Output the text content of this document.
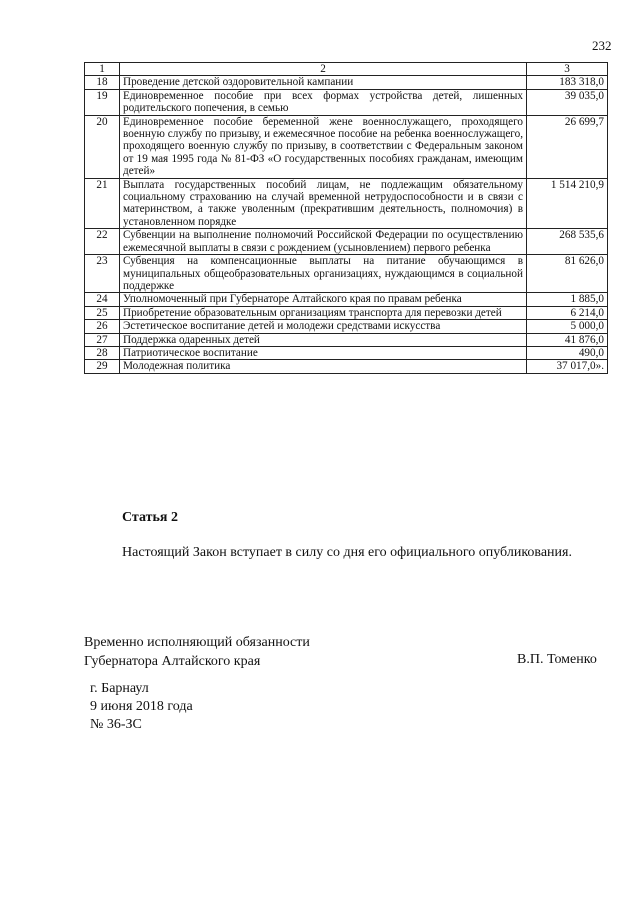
232
1	2	3
18	Проведение детской оздоровительной кампании	183 318,0
19	Единовременное пособие при всех формах устройства детей, лишенных родительского попечения, в семью	39 035,0
20	Единовременное пособие беременной жене военнослужащего, проходящего военную службу по призыву, и ежемесячное пособие на ребенка военнослужащего, проходящего военную службу по призыву, в соответствии с Федеральным законом от 19 мая 1995 года № 81-ФЗ «О государственных пособиях гражданам, имеющим детей»	26 699,7
21	Выплата государственных пособий лицам, не подлежащим обязательному социальному страхованию на случай временной нетрудоспособности и в связи с материнством, а также уволенным (прекратившим деятельность, полномочия) в установленном порядке	1 514 210,9
22	Субвенции на выполнение полномочий Российской Федерации по осуществлению ежемесячной выплаты в связи с рождением (усыновлением) первого ребенка	268 535,6
23	Субвенция на компенсационные выплаты на питание обучающимся в муниципальных общеобразовательных организациях, нуждающимся в социальной поддержке	81 626,0
24	Уполномоченный при Губернаторе Алтайского края по правам ребенка	1 885,0
25	Приобретение образовательным организациям транспорта для перевозки детей	6 214,0
26	Эстетическое воспитание детей и молодежи средствами искусства	5 000,0
27	Поддержка одаренных детей	41 876,0
28	Патриотическое воспитание	490,0
29	Молодежная политика	37 017,0».
Статья 2
Настоящий Закон вступает в силу со дня его официального опубликования.
Временно исполняющий обязанности
Губернатора Алтайского края	В.П. Томенко
г. Барнаул
9 июня 2018 года
№ 36-ЗС
